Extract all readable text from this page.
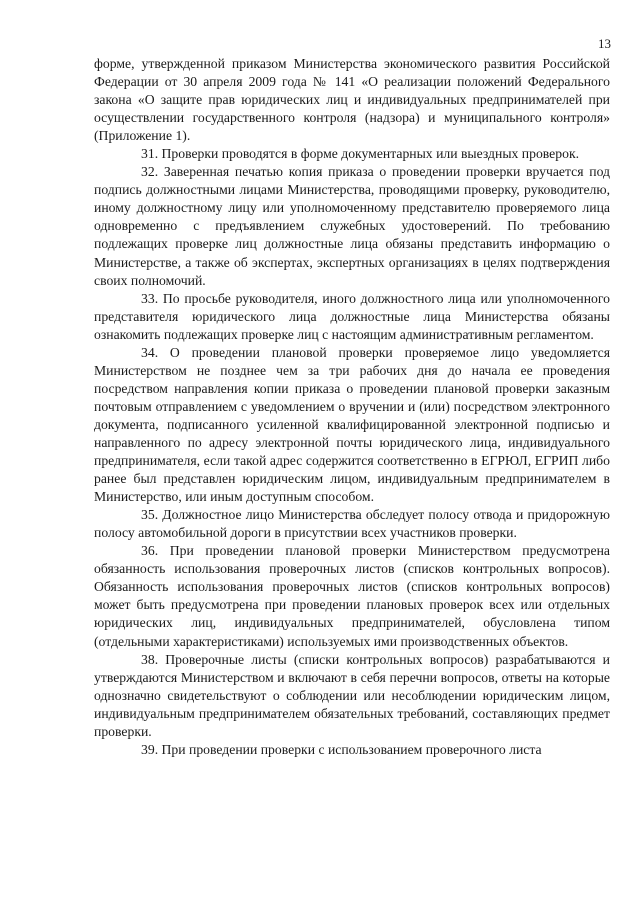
13

форме, утвержденной приказом Министерства экономического развития Российской Федерации от 30 апреля 2009 года № 141 «О реализации положений Федерального закона «О защите прав юридических лиц и индивидуальных предпринимателей при осуществлении государственного контроля (надзора) и муниципального контроля» (Приложение 1).

31. Проверки проводятся в форме документарных или выездных проверок.

32. Заверенная печатью копия приказа о проведении проверки вручается под подпись должностными лицами Министерства, проводящими проверку, руководителю, иному должностному лицу или уполномоченному представителю проверяемого лица одновременно с предъявлением служебных удостоверений. По требованию подлежащих проверке лиц должностные лица обязаны представить информацию о Министерстве, а также об экспертах, экспертных организациях в целях подтверждения своих полномочий.

33. По просьбе руководителя, иного должностного лица или уполномоченного представителя юридического лица должностные лица Министерства обязаны ознакомить подлежащих проверке лиц с настоящим административным регламентом.

34. О проведении плановой проверки проверяемое лицо уведомляется Министерством не позднее чем за три рабочих дня до начала ее проведения посредством направления копии приказа о проведении плановой проверки заказным почтовым отправлением с уведомлением о вручении и (или) посредством электронного документа, подписанного усиленной квалифицированной электронной подписью и направленного по адресу электронной почты юридического лица, индивидуального предпринимателя, если такой адрес содержится соответственно в ЕГРЮЛ, ЕГРИП либо ранее был представлен юридическим лицом, индивидуальным предпринимателем в Министерство, или иным доступным способом.

35. Должностное лицо Министерства обследует полосу отвода и придорожную полосу автомобильной дороги в присутствии всех участников проверки.

36. При проведении плановой проверки Министерством предусмотрена обязанность использования проверочных листов (списков контрольных вопросов). Обязанность использования проверочных листов (списков контрольных вопросов) может быть предусмотрена при проведении плановых проверок всех или отдельных юридических лиц, индивидуальных предпринимателей, обусловлена типом (отдельными характеристиками) используемых ими производственных объектов.

38. Проверочные листы (списки контрольных вопросов) разрабатываются и утверждаются Министерством и включают в себя перечни вопросов, ответы на которые однозначно свидетельствуют о соблюдении или несоблюдении юридическим лицом, индивидуальным предпринимателем обязательных требований, составляющих предмет проверки.

39. При проведении проверки с использованием проверочного листа
